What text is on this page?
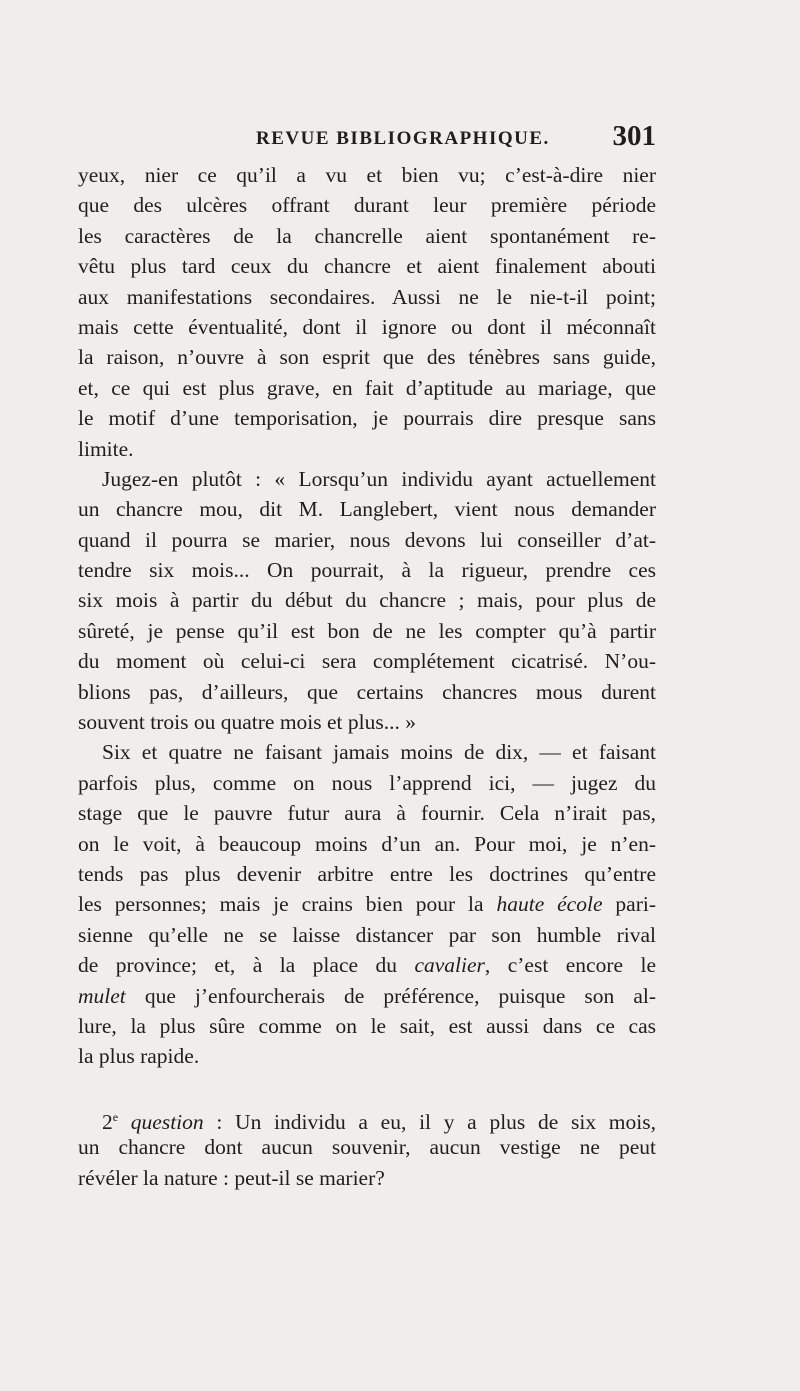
REVUE BIBLIOGRAPHIQUE. 301
yeux, nier ce qu’il a vu et bien vu; c’est-à-dire nier
que des ulcères offrant durant leur première période
les caractères de la chancrelle aient spontanément re-
vêtu plus tard ceux du chancre et aient finalement abouti
aux manifestations secondaires. Aussi ne le nie-t-il point;
mais cette éventualité, dont il ignore ou dont il méconnaît
la raison, n’ouvre à son esprit que des ténèbres sans guide,
et, ce qui est plus grave, en fait d’aptitude au mariage, que
le motif d’une temporisation, je pourrais dire presque sans
limite.
Jugez-en plutôt : « Lorsqu’un individu ayant actuellement
un chancre mou, dit M. Langlebert, vient nous demander
quand il pourra se marier, nous devons lui conseiller d’at-
tendre six mois... On pourrait, à la rigueur, prendre ces
six mois à partir du début du chancre ; mais, pour plus de
sûreté, je pense qu’il est bon de ne les compter qu’à partir
du moment où celui-ci sera complétement cicatrisé. N’ou-
blions pas, d’ailleurs, que certains chancres mous durent
souvent trois ou quatre mois et plus... »
Six et quatre ne faisant jamais moins de dix, — et faisant
parfois plus, comme on nous l’apprend ici, — jugez du
stage que le pauvre futur aura à fournir. Cela n’irait pas,
on le voit, à beaucoup moins d’un an. Pour moi, je n’en-
tends pas plus devenir arbitre entre les doctrines qu’entre
les personnes; mais je crains bien pour la haute école pari-
sienne qu’elle ne se laisse distancer par son humble rival
de province; et, à la place du cavalier, c’est encore le
mulet que j’enfourcherais de préférence, puisque son al-
lure, la plus sûre comme on le sait, est aussi dans ce cas
la plus rapide.
2e question : Un individu a eu, il y a plus de six mois,
un chancre dont aucun souvenir, aucun vestige ne peut
révéler la nature : peut-il se marier?
